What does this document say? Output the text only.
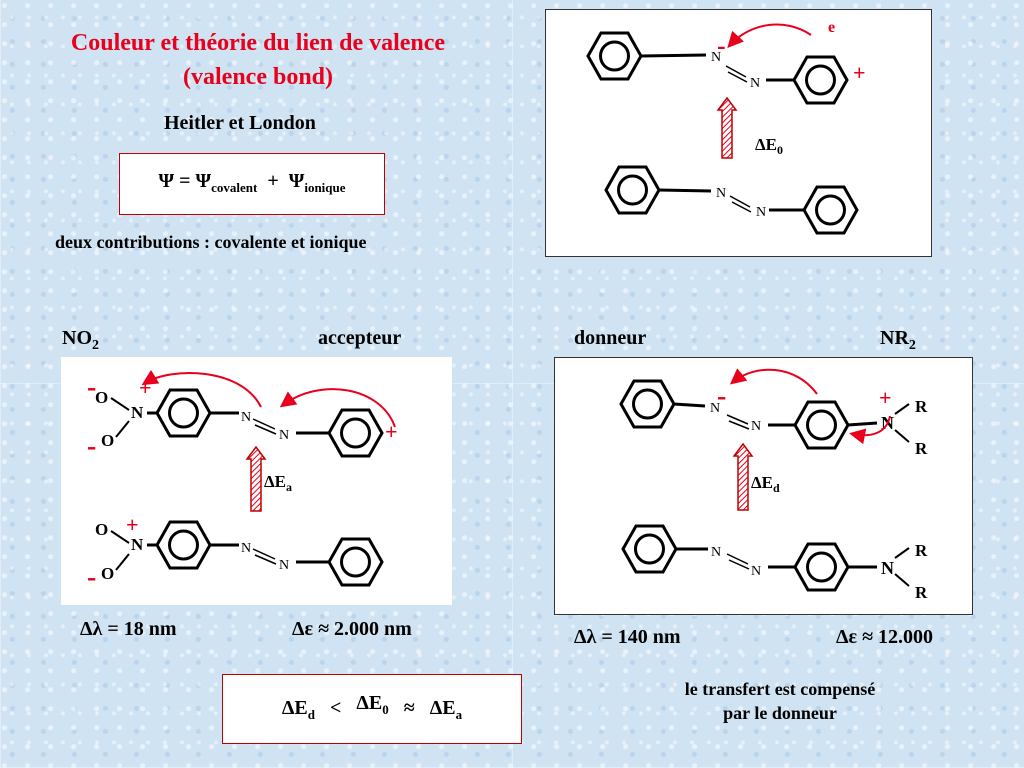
Couleur et théorie du lien de valence
(valence bond)
Heitler et London
$\Psi = \Psi_{covalent} + \Psi_{ionique}$
deux contributions : covalente et ionique
N
N
-
+
e
$\Delta E_0$
N
N
$NO_2$	accepteur	donneur	$NR_2$
O
N
O
- +
-
N
N	+
$\Delta E_a$
O
N
O
+
-
N
N
N
N
-
N
+ R
R
$\Delta E_d$
N
N	N
R
R
Δλ = 18 nm	Δε ≈ 2.000 nm	Δλ = 140 nm	Δε ≈ 12.000
$\Delta E_d < \Delta E_0 \approx \Delta E_a$
le transfert est compensé
par le donneur
